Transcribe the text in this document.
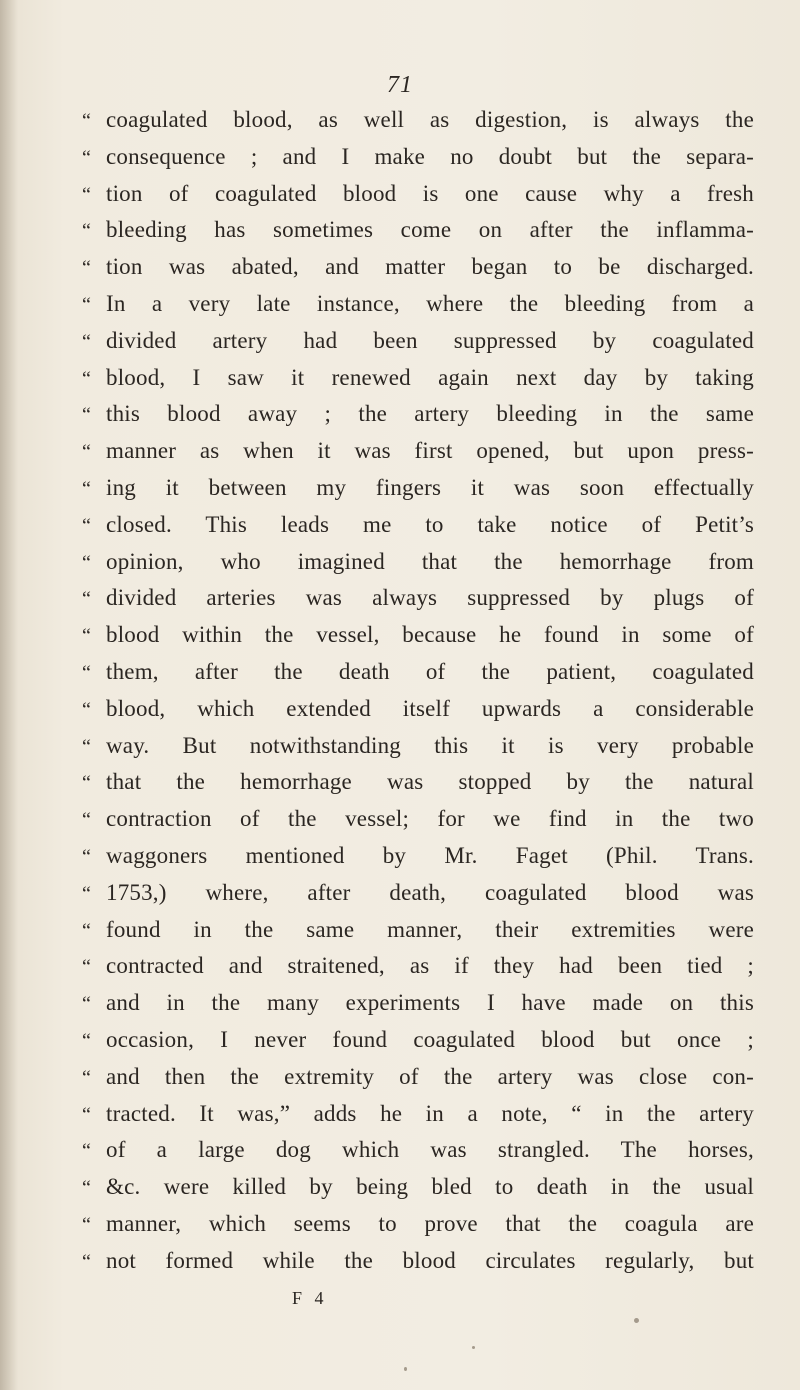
71
“ coagulated blood, as well as digestion, is always the
“ consequence ; and I make no doubt but the separa-
“ tion of coagulated blood is one cause why a fresh
“ bleeding has sometimes come on after the inflamma-
“ tion was abated, and matter began to be discharged.
“ In a very late instance, where the bleeding from a
“ divided artery had been suppressed by coagulated
“ blood, I saw it renewed again next day by taking
“ this blood away ; the artery bleeding in the same
“ manner as when it was first opened, but upon press-
“ ing it between my fingers it was soon effectually
“ closed. This leads me to take notice of Petit’s
“ opinion, who imagined that the hemorrhage from
“ divided arteries was always suppressed by plugs of
“ blood within the vessel, because he found in some of
“ them, after the death of the patient, coagulated
“ blood, which extended itself upwards a considerable
“ way. But notwithstanding this it is very probable
“ that the hemorrhage was stopped by the natural
“ contraction of the vessel; for we find in the two
“ waggoners mentioned by Mr. Faget (Phil. Trans.
“ 1753,) where, after death, coagulated blood was
“ found in the same manner, their extremities were
“ contracted and straitened, as if they had been tied ;
“ and in the many experiments I have made on this
“ occasion, I never found coagulated blood but once ;
“ and then the extremity of the artery was close con-
“ tracted. It was,” adds he in a note, “ in the artery
“ of a large dog which was strangled. The horses,
“ &c. were killed by being bled to death in the usual
“ manner, which seems to prove that the coagula are
“ not formed while the blood circulates regularly, but
F 4
